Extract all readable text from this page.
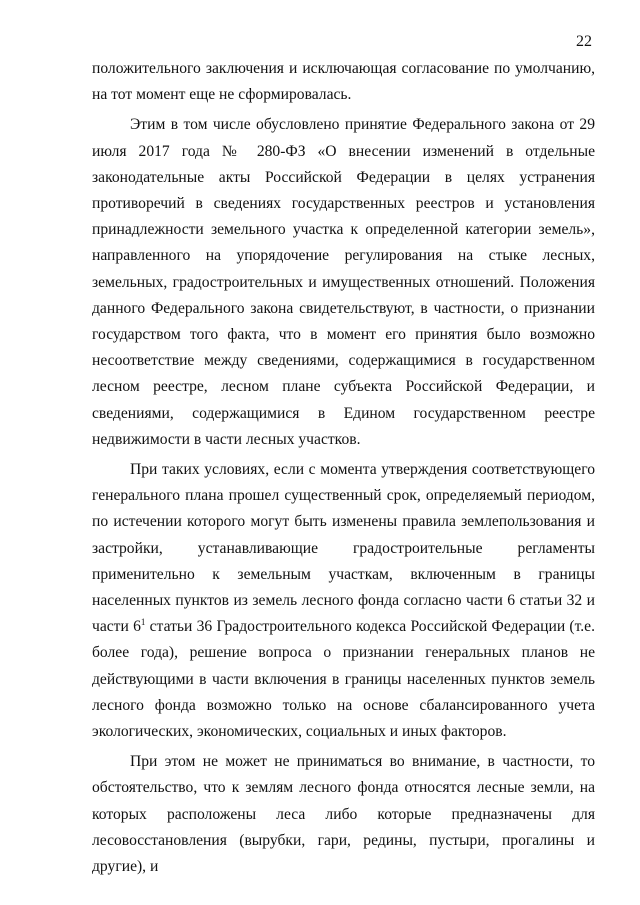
22

положительного заключения и исключающая согласование по умолчанию, на тот момент еще не сформировалась.

Этим в том числе обусловлено принятие Федерального закона от 29 июля 2017 года № 280-ФЗ «О внесении изменений в отдельные законодательные акты Российской Федерации в целях устранения противоречий в сведениях государственных реестров и установления принадлежности земельного участка к определенной категории земель», направленного на упорядочение регулирования на стыке лесных, земельных, градостроительных и имущественных отношений. Положения данного Федерального закона свидетельствуют, в частности, о признании государством того факта, что в момент его принятия было возможно несоответствие между сведениями, содержащимися в государственном лесном реестре, лесном плане субъекта Российской Федерации, и сведениями, содержащимися в Едином государственном реестре недвижимости в части лесных участков.

При таких условиях, если с момента утверждения соответствующего генерального плана прошел существенный срок, определяемый периодом, по истечении которого могут быть изменены правила землепользования и застройки, устанавливающие градостроительные регламенты применительно к земельным участкам, включенным в границы населенных пунктов из земель лесного фонда согласно части 6 статьи 32 и части $6^1$ статьи 36 Градостроительного кодекса Российской Федерации (т.е. более года), решение вопроса о признании генеральных планов не действующими в части включения в границы населенных пунктов земель лесного фонда возможно только на основе сбалансированного учета экологических, экономических, социальных и иных факторов.

При этом не может не приниматься во внимание, в частности, то обстоятельство, что к землям лесного фонда относятся лесные земли, на которых расположены леса либо которые предназначены для лесовосстановления (вырубки, гари, редины, пустыри, прогалины и другие), и
